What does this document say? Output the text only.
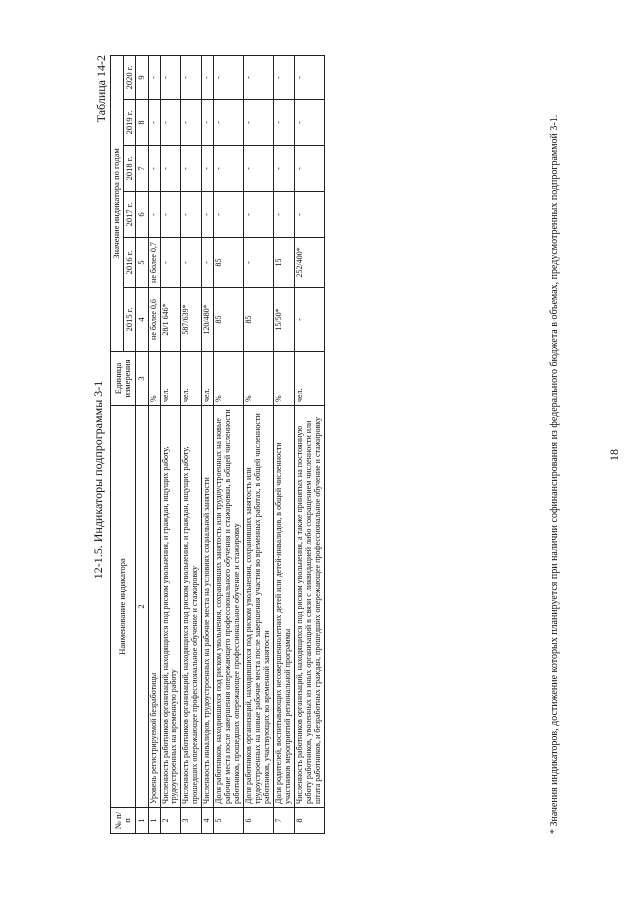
18
Таблица 14-2
12-1.5. Индикаторы подпрограммы 3-1
№ п/п	Наименование индикатора	Единица измерения	Значение индикатора по годам					
			2015 г.	2016 г.	2017 г.	2018 г.	2019 г.	2020 г.
1	2	3	4	5	6	7	8	9
1	Уровень регистрируемой безработицы	%	не более 0,6	не более 0,7	-	-	-	-
2	Численность работников организаций, находящихся под риском увольнения, и граждан, ищущих работу, трудоустроенных на временную работу	чел.	28/1 646*	-	-	-	-	-
3	Численность работников организаций, находящихся под риском увольнения, и граждан, ищущих работу, прошедших опережающее профессиональное обучение и стажировку	чел.	587/639*	-	-	-	-	-
4	Численность инвалидов, трудоустроенных на рабочие места на условиях социальной занятости	чел.	120/480*	-	-	-	-	-
5	Доля работников, находившихся под риском увольнения, сохранивших занятость или трудоустроенных на новые рабочие места после завершения опережающего профессионального обучения и стажировки, в общей численности работников, прошедших опережающее профессиональное обучение и стажировку	%	85	85	-	-	-	-
6	Доля работников организаций, находившихся под риском увольнения, сохранивших занятость или трудоустроенных на новые рабочие места после завершения участия во временных работах, в общей численности работников, участвующих во временной занятости	%	85	-	-	-	-	-
7	Доля родителей, воспитывающих несовершеннолетних детей или детей-инвалидов, в общей численности участников мероприятий региональной программы	%	15/50*	15	-	-	-	-
8	Численность работников организаций, находящихся под риском увольнения, а также принятых на постоянную работу работников, уволенных из иных организаций в связи с ликвидацией либо сокращением численности или штата работников, и безработных граждан, прошедших опережающее профессиональное обучение и стажировку	чел.	-	252/400*	-	-	-	-
* Значения индикаторов, достижение которых планируется при наличии софинансирования из федерального бюджета в объемах, предусмотренных подпрограммой 3-1.
